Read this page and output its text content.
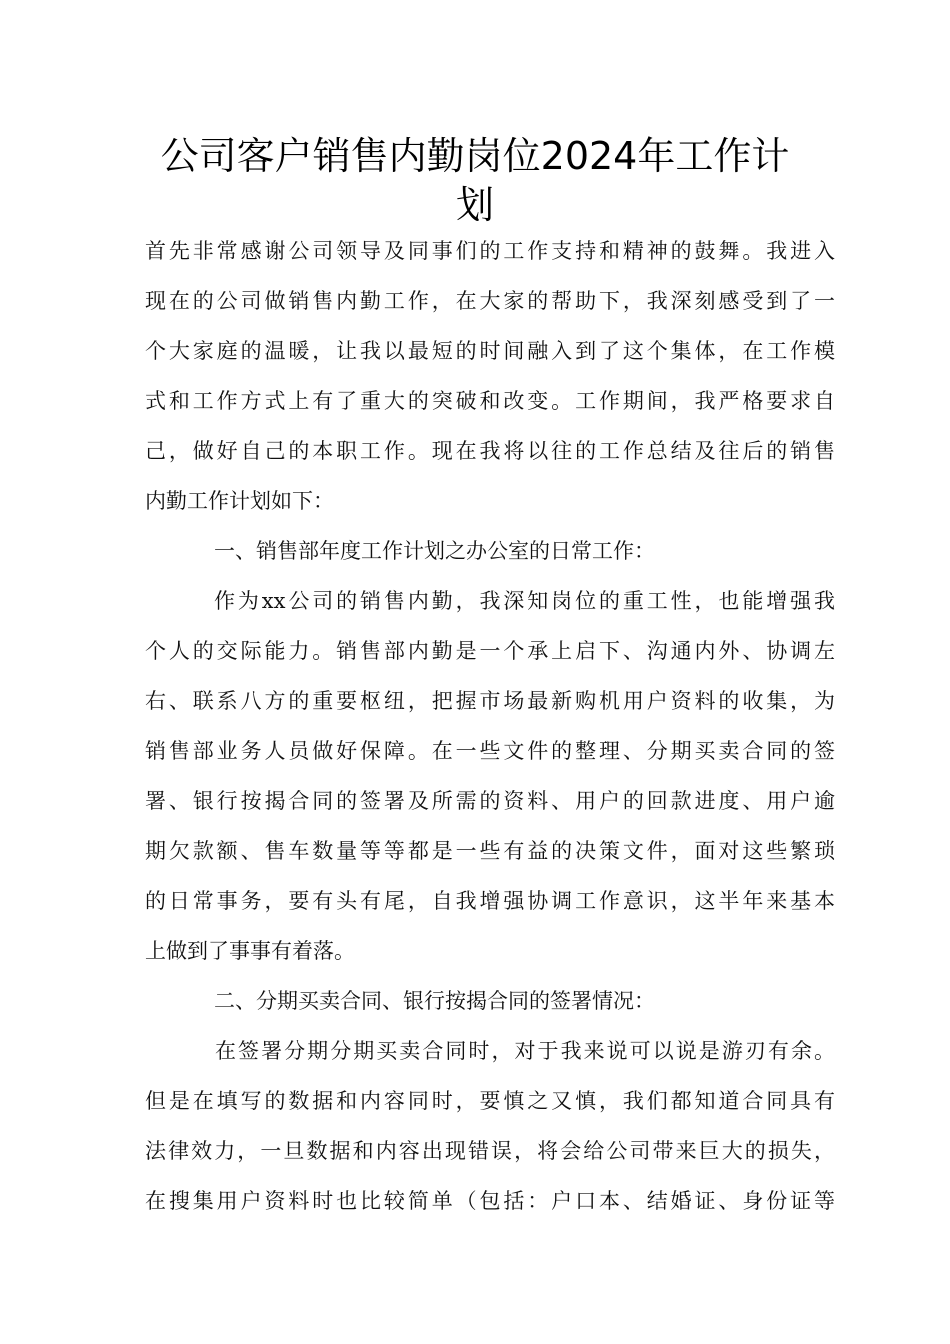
公司客户销售内勤岗位2024年工作计
划

首先非常感谢公司领导及同事们的工作支持和精神的鼓舞。我进入

现在的公司做销售内勤工作，在大家的帮助下，我深刻感受到了一

个大家庭的温暖，让我以最短的时间融入到了这个集体，在工作模

式和工作方式上有了重大的突破和改变。工作期间，我严格要求自

己，做好自己的本职工作。现在我将以往的工作总结及往后的销售

内勤工作计划如下：

一、销售部年度工作计划之办公室的日常工作：

作为xx公司的销售内勤，我深知岗位的重工性，也能增强我

个人的交际能力。销售部内勤是一个承上启下、沟通内外、协调左

右、联系八方的重要枢纽，把握市场最新购机用户资料的收集，为

销售部业务人员做好保障。在一些文件的整理、分期买卖合同的签

署、银行按揭合同的签署及所需的资料、用户的回款进度、用户逾

期欠款额、售车数量等等都是一些有益的决策文件，面对这些繁琐

的日常事务，要有头有尾，自我增强协调工作意识，这半年来基本

上做到了事事有着落。

二、分期买卖合同、银行按揭合同的签署情况：

在签署分期分期买卖合同时，对于我来说可以说是游刃有余。

但是在填写的数据和内容同时，要慎之又慎，我们都知道合同具有

法律效力，一旦数据和内容出现错误，将会给公司带来巨大的损失，

在搜集用户资料时也比较简单（包括：户口本、结婚证、身份证等
